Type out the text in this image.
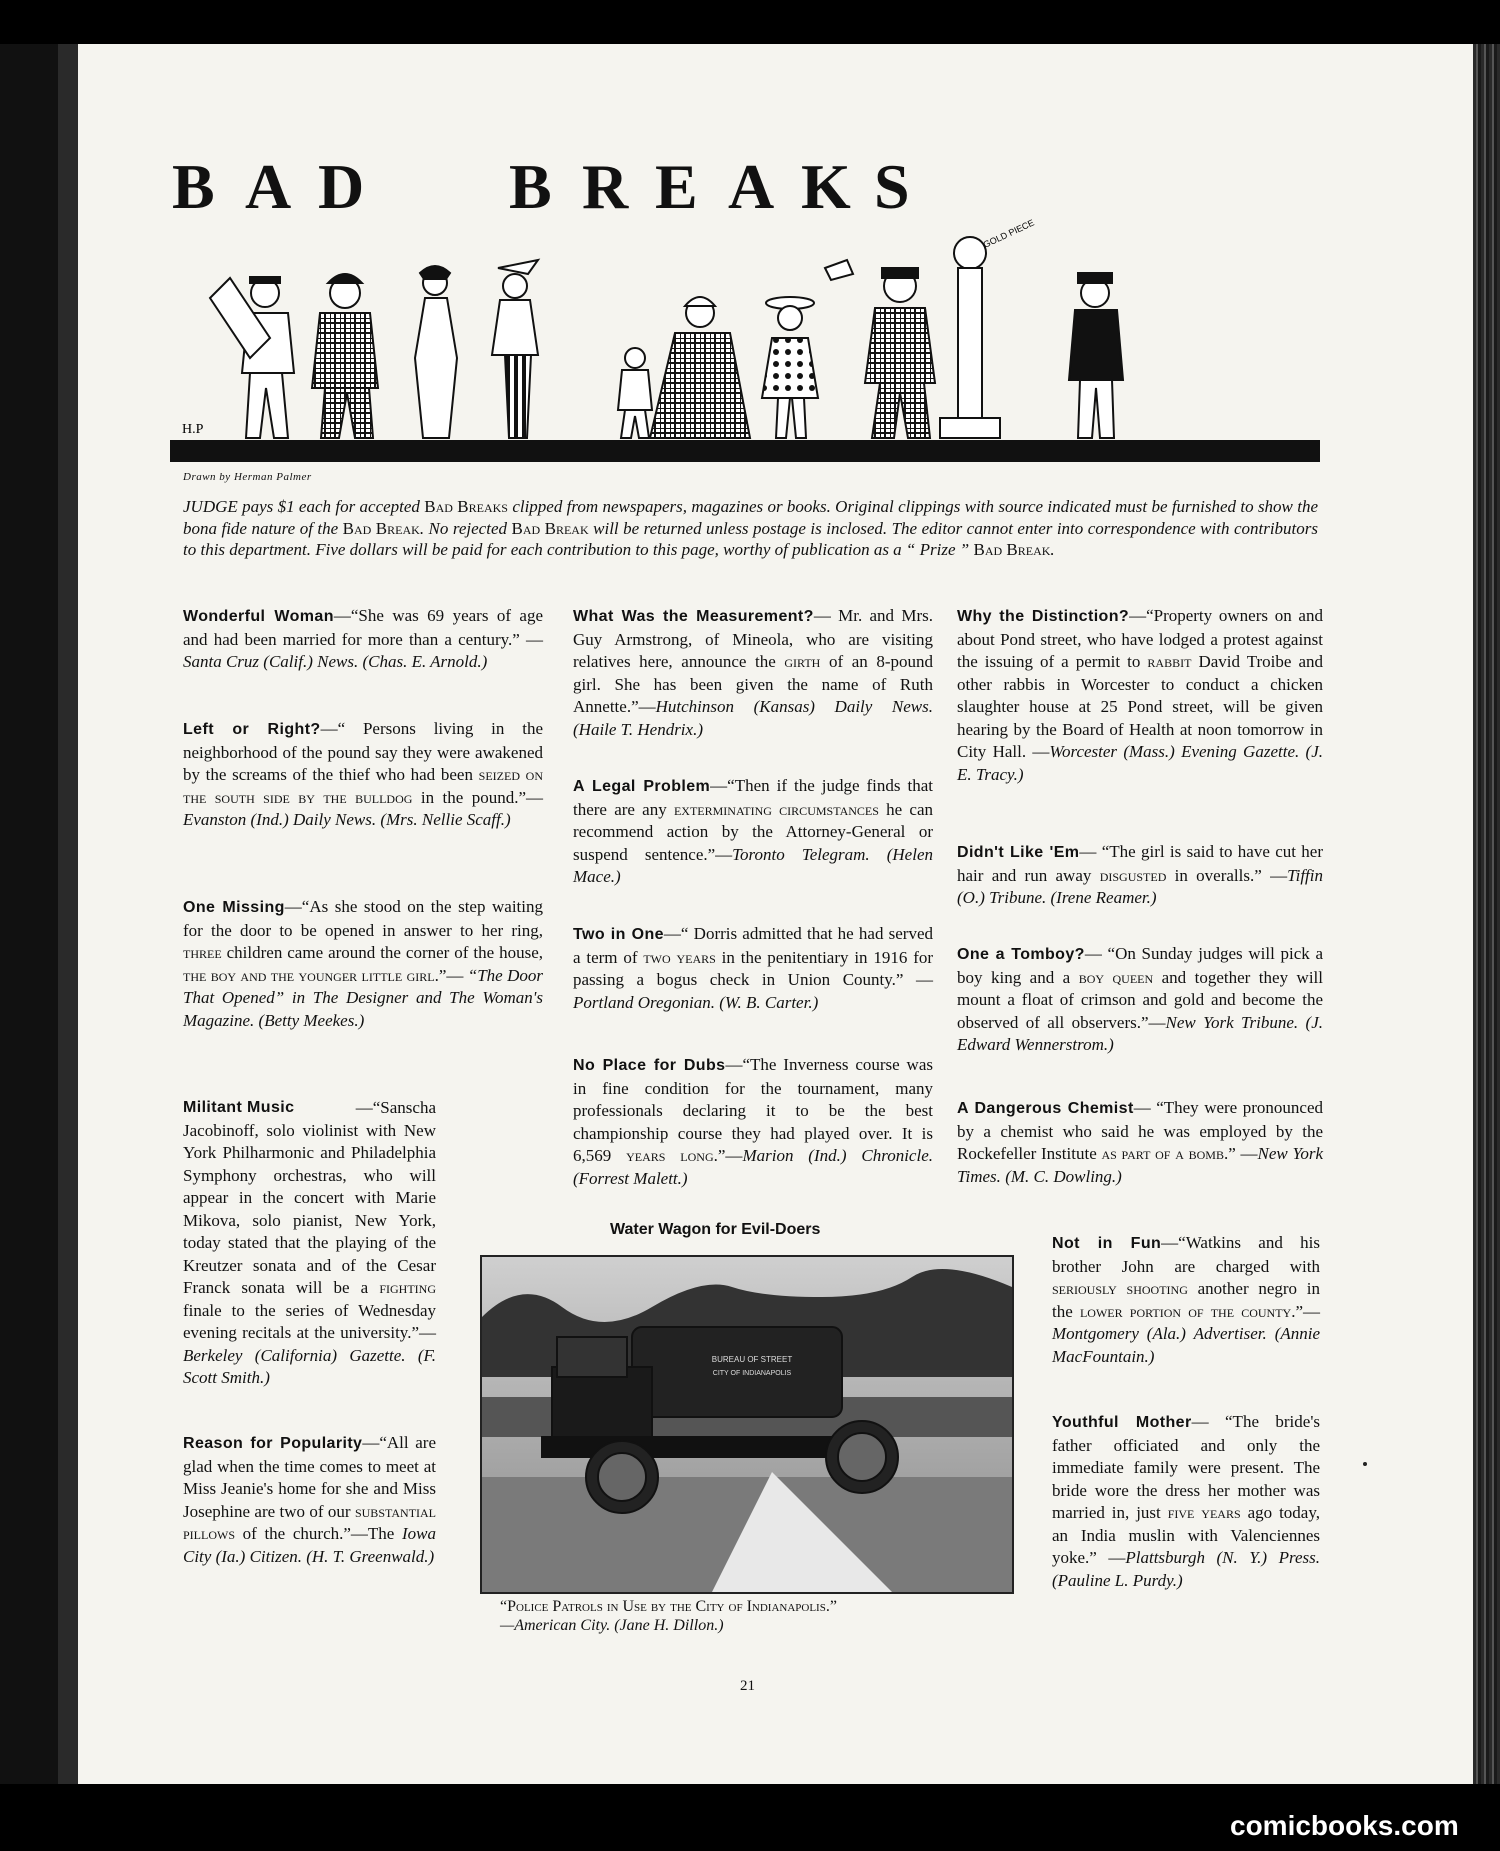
B A D	B R E A K S
GOLD PIECE
H.P
Drawn by Herman Palmer
JUDGE pays $1 each for accepted Bad Breaks clipped from newspapers, magazines or books. Original clippings with source indicated must be furnished to show the bona fide nature of the Bad Break. No rejected Bad Break will be returned unless postage is inclosed. The editor cannot enter into correspondence with contributors to this department. Five dollars will be paid for each contribution to this page, worthy of publication as a “ Prize ” Bad Break.
Wonderful Woman—“She was 69 years of age and had been married for more than a century.” — Santa Cruz (Calif.) News. (Chas. E. Arnold.)
Left or Right?—“ Persons living in the neighborhood of the pound say they were awakened by the screams of the thief who had been seized on the south side by the bulldog in the pound.”—Evanston (Ind.) Daily News. (Mrs. Nellie Scaff.)
One Missing—“As she stood on the step waiting for the door to be opened in answer to her ring, three children came around the corner of the house, the boy and the younger little girl.”— “The Door That Opened” in The Designer and The Woman's Magazine. (Betty Meekes.)
Militant Music	—“Sanscha Jacobinoff, solo violinist with New York Philharmonic and Philadelphia Symphony orchestras, who will appear in the concert with Marie Mikova, solo pianist, New York, today stated that the playing of the Kreutzer sonata and of the Cesar Franck sonata will be a fighting finale to the series of Wednesday evening recitals at the university.”—Berkeley (California) Gazette. (F. Scott Smith.)
Reason for Popularity—“All are glad when the time comes to meet at Miss Jeanie's home for she and Miss Josephine are two of our substantial pillows of the church.”—The Iowa City (Ia.) Citizen. (H. T. Greenwald.)
What Was the Measurement?— Mr. and Mrs. Guy Armstrong, of Mineola, who are visiting relatives here, announce the girth of an 8-pound girl. She has been given the name of Ruth Annette.”—Hutchinson (Kansas) Daily News. (Haile T. Hendrix.)
A Legal Problem—“Then if the judge finds that there are any exterminating circumstances he can recommend action by the Attorney-General or suspend sentence.”—Toronto Telegram. (Helen Mace.)
Two in One—“ Dorris admitted that he had served a term of two years in the penitentiary in 1916 for passing a bogus check in Union County.” —Portland Oregonian. (W. B. Carter.)
No Place for Dubs—“The Inverness course was in fine condition for the tournament, many professionals declaring it to be the best championship course they had played over. It is 6,569 years long.”—Marion (Ind.) Chronicle. (Forrest Malett.)
Why the Distinction?—“Property owners on and about Pond street, who have lodged a protest against the issuing of a permit to rabbit David Troibe and other rabbis in Worcester to conduct a chicken slaughter house at 25 Pond street, will be given hearing by the Board of Health at noon tomorrow in City Hall. —Worcester (Mass.) Evening Gazette. (J. E. Tracy.)
Didn't Like 'Em— “The girl is said to have cut her hair and run away disgusted in overalls.” —Tiffin (O.) Tribune. (Irene Reamer.)
One a Tomboy?— “On Sunday judges will pick a boy king and a boy queen and together they will mount a float of crimson and gold and become the observed of all observers.”—New York Tribune. (J. Edward Wennerstrom.)
A Dangerous Chemist— “They were pronounced by a chemist who said he was employed by the Rockefeller Institute as part of a bomb.” —New York Times. (M. C. Dowling.)
Not in Fun—“Watkins and his brother John are charged with seriously shooting another negro in the lower portion of the county.”—Montgomery (Ala.) Advertiser. (Annie MacFountain.)
Youthful Mother— “The bride's father officiated and only the immediate family were present. The bride wore the dress her mother was married in, just five years ago today, an India muslin with Valenciennes yoke.” —Plattsburgh (N. Y.) Press. (Pauline L. Purdy.)
Water Wagon for Evil-Doers
BUREAU OF STREET
CITY OF INDIANAPOLIS
“Police Patrols in Use by the City of Indianapolis.”
—American City. (Jane H. Dillon.)
21
comicbooks.com
